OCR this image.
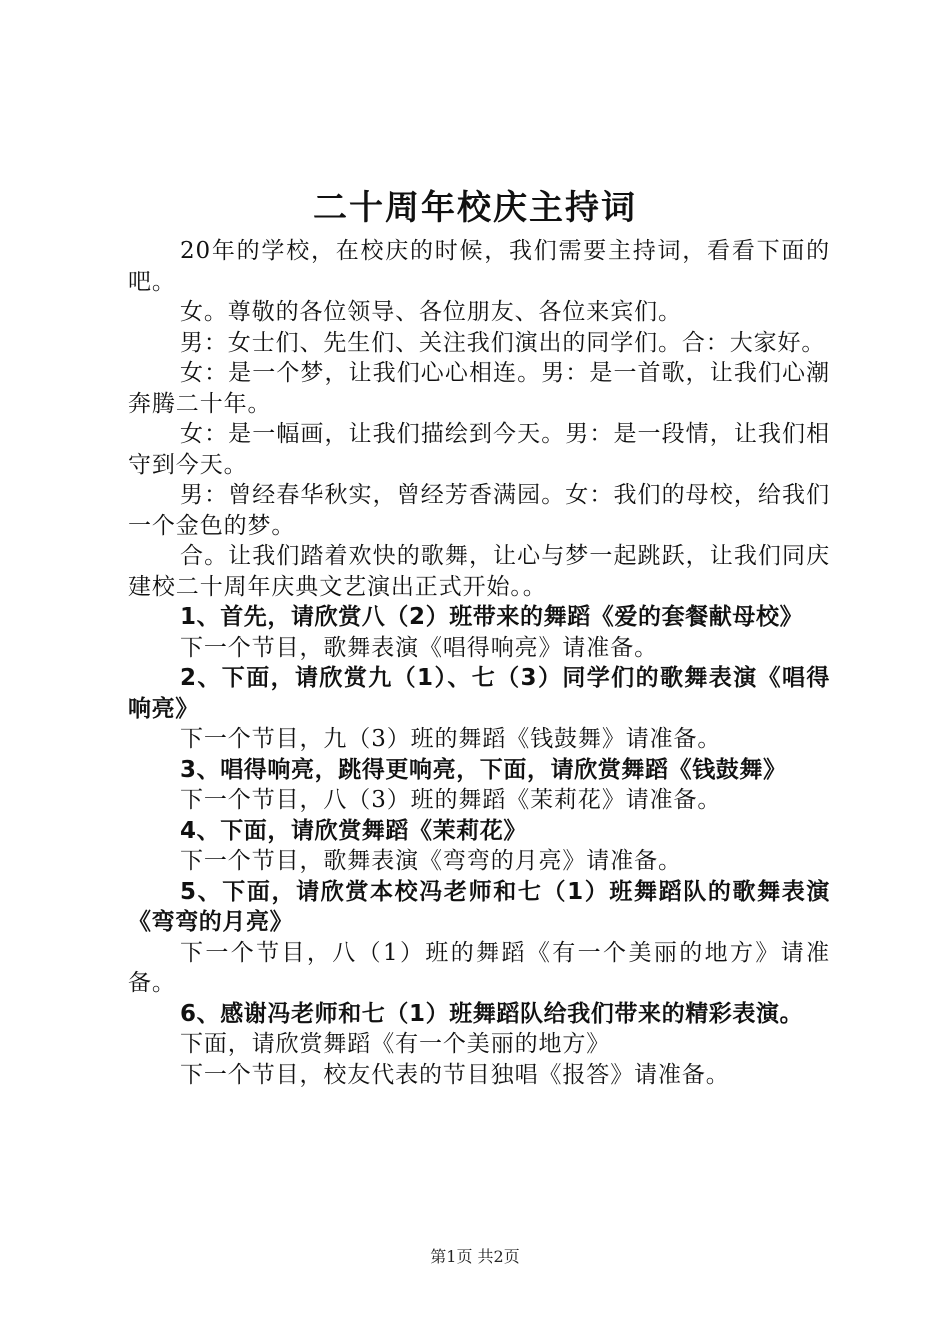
二十周年校庆主持词

20年的学校，在校庆的时候，我们需要主持词，看看下面的吧。

女。尊敬的各位领导、各位朋友、各位来宾们。

男：女士们、先生们、关注我们演出的同学们。合：大家好。

女：是一个梦，让我们心心相连。男：是一首歌，让我们心潮奔腾二十年。

女：是一幅画，让我们描绘到今天。男：是一段情，让我们相守到今天。

男：曾经春华秋实，曾经芳香满园。女：我们的母校，给我们一个金色的梦。

合。让我们踏着欢快的歌舞，让心与梦一起跳跃，让我们同庆建校二十周年庆典文艺演出正式开始。。

1、首先，请欣赏八（2）班带来的舞蹈《爱的套餐献母校》

下一个节目，歌舞表演《唱得响亮》请准备。

2、下面，请欣赏九（1）、七（3）同学们的歌舞表演《唱得响亮》

下一个节目，九（3）班的舞蹈《钱鼓舞》请准备。

3、唱得响亮，跳得更响亮，下面，请欣赏舞蹈《钱鼓舞》

下一个节目，八（3）班的舞蹈《茉莉花》请准备。

4、下面，请欣赏舞蹈《茉莉花》

下一个节目，歌舞表演《弯弯的月亮》请准备。

5、下面，请欣赏本校冯老师和七（1）班舞蹈队的歌舞表演《弯弯的月亮》

下一个节目，八（1）班的舞蹈《有一个美丽的地方》请准备。

6、感谢冯老师和七（1）班舞蹈队给我们带来的精彩表演。

下面，请欣赏舞蹈《有一个美丽的地方》

下一个节目，校友代表的节目独唱《报答》请准备。

第1页 共2页
